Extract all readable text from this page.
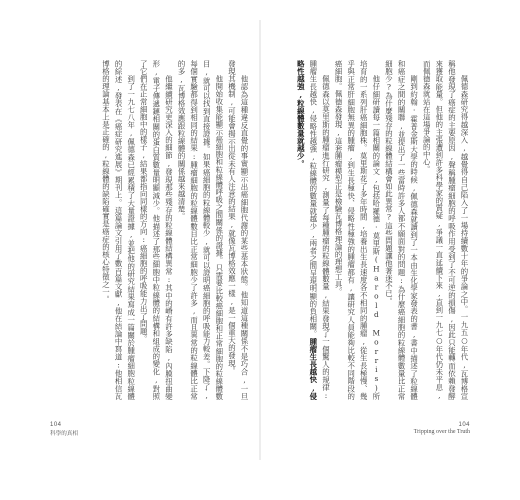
他認為這種違反直覺的事實顯示出癌細胞代謝的某些基本狀態。他知道這種關係不是巧合,一旦發現其機制,可能會揭示出從未有人注意的結果,就像瓦博格效應一樣,是一個重大的發現。

他開始收集能顯示癌細胞和粒線體呼吸之間關係的證據。只需要比較癌細胞和正常細胞的粒線體數目,就可以找到直接證據。如果癌細胞的粒線體較少,就可以證明癌細胞的呼吸能力較差。下降了,每個實驗都得到相同的結果:腫瘤細胞的粒線體數目比正常細胞少了許多,而且異常的粒線體比正常的多,瓦博格效應跟粒線體的關係越來越清楚。

他繼續研究更深入的細節,發現那些殘存的粒線體結構異常:其中的嵴有許多缺陷,內膜扭曲變形,電子傳遞鏈相關的蛋白質數量明顯減少。他描述了那些細胞中粒線體的結構和組成的變化,對照了它們在正常細胞中的樣子,結果都指向同樣的方向:癌細胞的呼吸能力出了問題。

到了一九七八年,佩德森已經累積了大量證據,並把他的研究結果寫成一篇關於腫瘤細胞粒線體的綜述,發表在《癌症研究進展》期刊上。這篇論文引用了數百篇文獻,他在結論中寫道:他相信瓦博格的理論基本上是正確的,粒線體的缺陷確實是癌症的核心特徵之一。

104
科學的真相

佩德森研究得越深入,越覺得自己陷入了一場持續數十年的爭論之中。一九五○年代,瓦博格宣稱他發現了癌症的主要原因,聲稱腫瘤細胞的呼吸作用受到了不可逆的損傷,因此只能轉而依賴發酵來獲取能量。但他的主張遭到許多科學家的質疑,爭議一直延續下來,直到一九七○年代仍未平息,而佩德森就站在這場爭論的中心。

剛到約翰·霍普金斯大學的時候,佩德森就讀到了一本由生化學家發表的書,書中描述了粒線體和癌症之間的關聯,並提出了一些當時許多人都不願面對的問題:為什麼癌細胞的粒線體數量比正常細胞少?為什麼殘存的粒線體結構會如此異常?這些問題讓他著迷不已。

他仔細研讀每一篇相關的論文,包括哈羅德·莫里斯(Harold Morris)所培育的一系列肝癌細胞株。莫里斯花了多年時間,培養出生長速度各不相同的腫瘤,從生長極慢、幾乎與正常肝細胞無異的腫瘤,到生長極快、侵略性極強的腫瘤都有,讓研究人員能夠比較不同階段的癌細胞。佩德森發現,這套腫瘤模型正是檢驗瓦博格理論的理想工具。

佩德森以莫里斯的腫瘤進行研究,測量了每種腫瘤的粒線體數量,結果發現了一個驚人的規律:腫瘤生長越快,侵略性越強,粒線體的數量就越少,兩者之間呈現明顯的負相關。腫瘤生長越快,侵略性越強,粒線體數量就越少。

104
Tripping over the Truth
